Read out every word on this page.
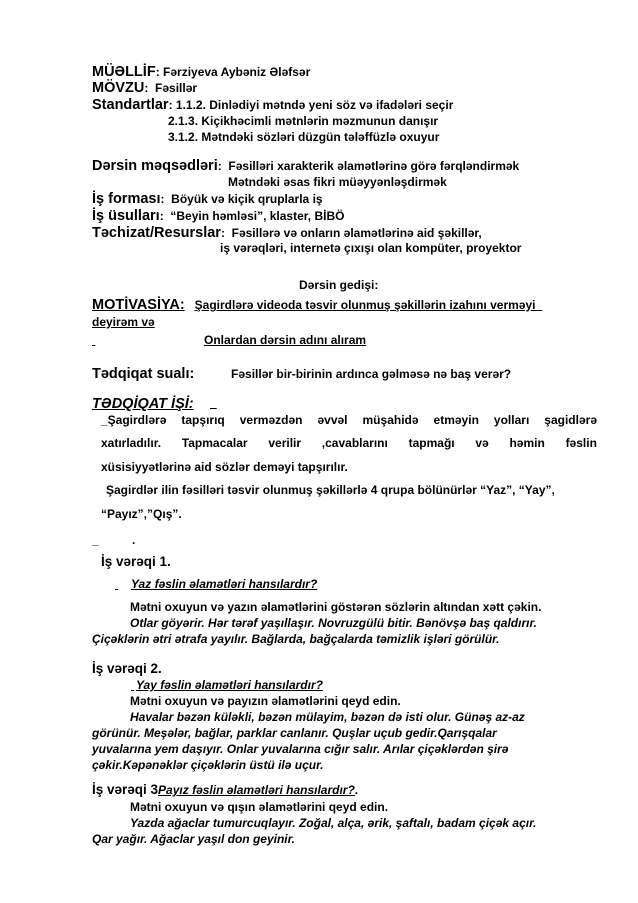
MÜƏLLİF: Fərziyeva Aybəniz Ələfsər
MÖVZU:  Fəsillər
Standartlar: 1.1.2. Dinlədiyi mətndə yeni söz və ifadələri seçir
2.1.3. Kiçikhəcimli mətnlərin məzmunun danışır
3.1.2. Mətndəki sözləri düzgün tələffüzlə oxuyur
Dərsin məqsədləri:  Fəsilləri xarakterik əlamətlərinə görə fərqləndirmək
Mətndəki əsas fikri müəyyənləşdirmək
İş forması:  Böyük və kiçik qruplarla iş
İş üsulları:  “Beyin həmləsi”, klaster, BİBÖ
Təchizat/Resurslar:  Fəsillərə və onların əlamətlərinə aid şəkillər,
iş vərəqləri, internetə çıxışı olan kompüter, proyektor
Dərsin gedişi:
MOTİVASİYA: Şagirdlərə videoda təsvir olunmuş şəkillərin izahını verməyi
deyirəm və
Onlardan dərsin adını alıram
Tədqiqat sualı:	Fəsillər bir-birinin ardınca gəlməsə nə baş verər?
TƏDQİQAT İŞİ:

_Şagirdlərə tapşırıq verməzdən əvvəl müşahidə etməyin yolları şagidlərə
xatırladılır. Tapmacalar verilir ,cavablarını tapmağı və həmin fəslin
xüsisiyyətlərinə aid sözlər deməyi tapşırılır.
Şagirdlər ilin fəsilləri təsvir olunmuş şəkillərlə 4 qrupa bölünürlər “Yaz”, “Yay”,
“Payız”,”Qış”.
_          .
İş vərəqi 1.
Yaz fəslin əlamətləri hansılardır?
Mətni oxuyun və yazın əlamətlərini göstərən sözlərin altından xətt çəkin.
Otlar göyərir. Hər tərəf yaşıllaşır. Novruzgülü bitir. Bənövşə baş qaldırır.
Çiçəklərin ətri ətrafa yayılır. Bağlarda, bağçalarda təmizlik işləri görülür.
İş vərəqi 2.
Yay fəslin əlamətləri hansılardır?
Mətni oxuyun və payızın əlamətlərini qeyd edin.
Havalar bəzən küləkli, bəzən mülayim, bəzən də isti olur. Günəş az-az
görünür. Meşələr, bağlar, parklar canlanır. Quşlar uçub gedir.Qarışqalar
yuvalarına yem daşıyır. Onlar yuvalarına cığır salır. Arılar çiçəklərdən şirə
çəkir.Kəpənəklər çiçəklərin üstü ilə uçur.
İş vərəqi 3Payız fəslin əlamətləri hansılardır?.
Mətni oxuyun və qışın əlamətlərini qeyd edin.
Yazda ağaclar tumurcuqlayır. Zoğal, alça, ərik, şaftalı, badam çiçək açır.
Qar yağır. Ağaclar yaşıl don geyinir.
